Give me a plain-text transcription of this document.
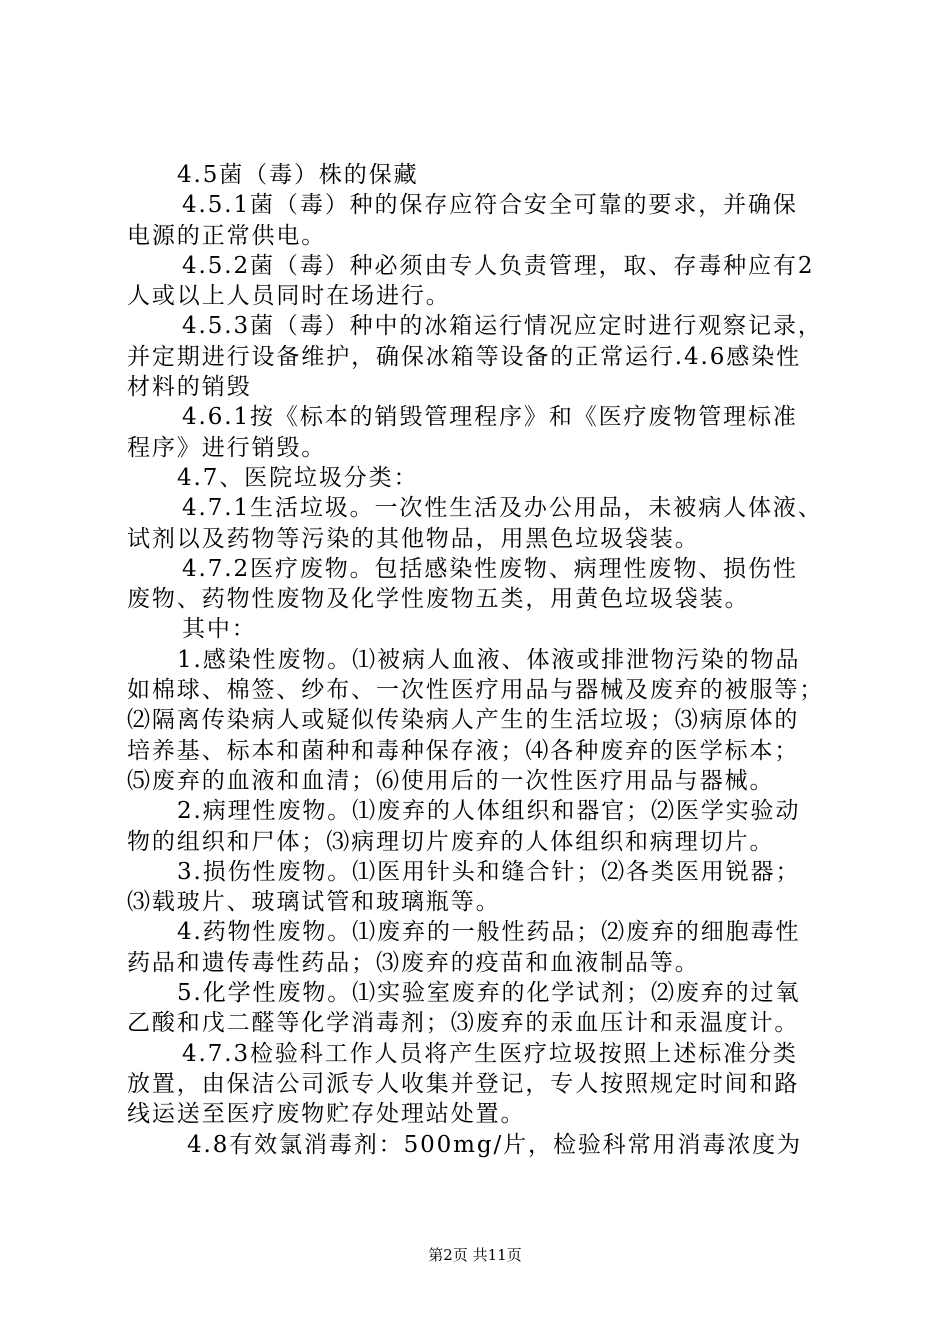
4.5菌（毒）株的保藏
4.5.1菌（毒）种的保存应符合安全可靠的要求，并确保
电源的正常供电。
4.5.2菌（毒）种必须由专人负责管理，取、存毒种应有2
人或以上人员同时在场进行。
4.5.3菌（毒）种中的冰箱运行情况应定时进行观察记录，
并定期进行设备维护，确保冰箱等设备的正常运行.4.6感染性
材料的销毁
4.6.1按《标本的销毁管理程序》和《医疗废物管理标准
程序》进行销毁。
4.7、医院垃圾分类：
4.7.1生活垃圾。一次性生活及办公用品，未被病人体液、
试剂以及药物等污染的其他物品，用黑色垃圾袋装。
4.7.2医疗废物。包括感染性废物、病理性废物、损伤性
废物、药物性废物及化学性废物五类，用黄色垃圾袋装。
其中：
1.感染性废物。⑴被病人血液、体液或排泄物污染的物品
如棉球、棉签、纱布、一次性医疗用品与器械及废弃的被服等；
⑵隔离传染病人或疑似传染病人产生的生活垃圾；⑶病原体的
培养基、标本和菌种和毒种保存液；⑷各种废弃的医学标本；
⑸废弃的血液和血清；⑹使用后的一次性医疗用品与器械。
2.病理性废物。⑴废弃的人体组织和器官；⑵医学实验动
物的组织和尸体；⑶病理切片废弃的人体组织和病理切片。
3.损伤性废物。⑴医用针头和缝合针；⑵各类医用锐器；
⑶载玻片、玻璃试管和玻璃瓶等。
4.药物性废物。⑴废弃的一般性药品；⑵废弃的细胞毒性
药品和遗传毒性药品；⑶废弃的疫苗和血液制品等。
5.化学性废物。⑴实验室废弃的化学试剂；⑵废弃的过氧
乙酸和戊二醛等化学消毒剂；⑶废弃的汞血压计和汞温度计。
4.7.3检验科工作人员将产生医疗垃圾按照上述标准分类
放置，由保洁公司派专人收集并登记，专人按照规定时间和路
线运送至医疗废物贮存处理站处置。
4.8有效氯消毒剂：500mg/片，检验科常用消毒浓度为
第2页 共11页
